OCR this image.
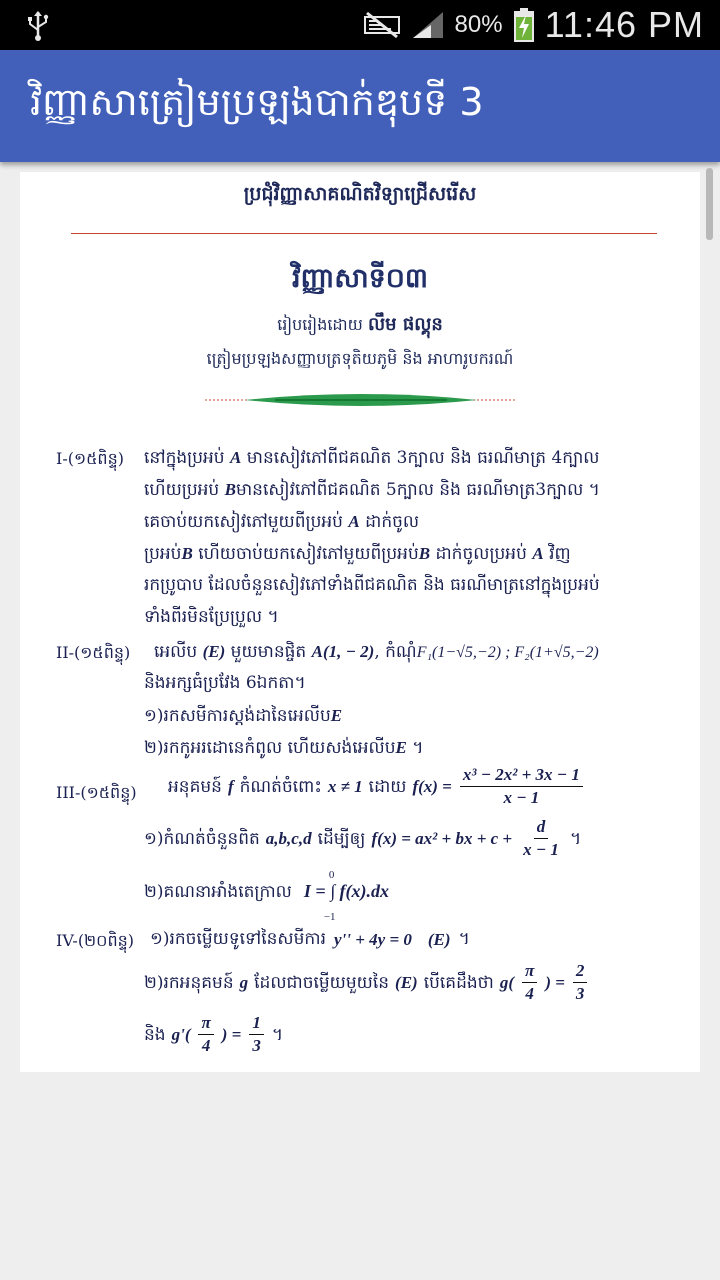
80% 11:46 PM
វិញ្ញាសាត្រៀមប្រឡងបាក់ឌុបទី 3
ប្រជុំវិញ្ញាសាគណិតវិទ្យាជ្រើសរើស
វិញ្ញាសាទី០៣
រៀបរៀងដោយ លឹម ផល្គុន
ត្រៀមប្រឡងសញ្ញាបត្រទុតិយភូមិ និង អាហារូបករណ៍
I-(១៥ពិន្ទុ) នៅក្នុងប្រអប់ A មានសៀវភៅពីជគណិត 3ក្បាល និង ធរណីមាត្រ 4ក្បាល
ហើយប្រអប់ Bមានសៀវភៅពីជគណិត 5ក្បាល និង ធរណីមាត្រ3ក្បាល ។
គេចាប់យកសៀវភៅមួយពីប្រអប់ A ដាក់ចូល
ប្រអប់B ហើយចាប់យកសៀវភៅមួយពីប្រអប់B ដាក់ចូលប្រអប់ A វិញ
រកប្រូបាប ដែលចំនួនសៀវភៅទាំងពីជគណិត និង ធរណីមាត្រនៅក្នុងប្រអប់
ទាំងពីរមិនប្រែប្រួល ។
II-(១៥ពិន្ទុ) អេលីប (E) មួយមានផ្ចិត A(1, − 2), កំណុំF₁(1−√5,−2) ; F₂(1+√5,−2)
និងអក្សធំប្រវែង 6ឯកតា។
១)រកសមីការស្តង់ដានៃអេលីបE
២)រកកូអរដោនេកំពូល ហើយសង់អេលីបE ។
III-(១៥ពិន្ទុ) អនុគមន៍ f កំណត់ចំពោះ x ≠ 1 ដោយ $f(x) = \frac{\text{x³ − 2x² + 3x − 1}}{x - 1}$
១)កំណត់ចំនួនពិត a,b,c,d ដើម្បីឲ្យ f(x) = ax² + bx + $c + \frac{d}{x - 1}$ ។
២)គណនាអាំងតេក្រាល
0
I = ∫ f(x).dx
−1
IV-(២០ពិន្ទុ) ១)រកចម្លើយទូទៅនៃសមីការ y'' + 4y = 0 (E) ។
២)រកអនុគមន៍ g ដែលជាចម្លើយមួយនៃ (E) បើគេដឹងថា $g( \frac{\pi}{4}$ ) = $\frac{2}{3}$
និង $g'( \frac{\pi}{4}$ ) = $\frac{1}{3}$ ។
